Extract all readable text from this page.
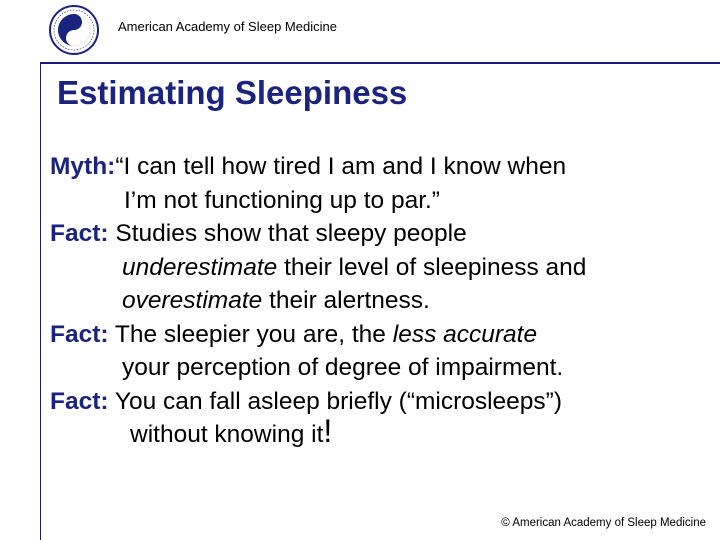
American Academy of Sleep Medicine
Estimating Sleepiness
Myth:“I can tell how tired I am and I know when
I’m not functioning up to par.”
Fact: Studies show that sleepy people
underestimate their level of sleepiness and
overestimate their alertness.
Fact: The sleepier you are, the less accurate
your perception of degree of impairment.
Fact: You can fall asleep briefly (“microsleeps”)
without knowing it!
© American Academy of Sleep Medicine
